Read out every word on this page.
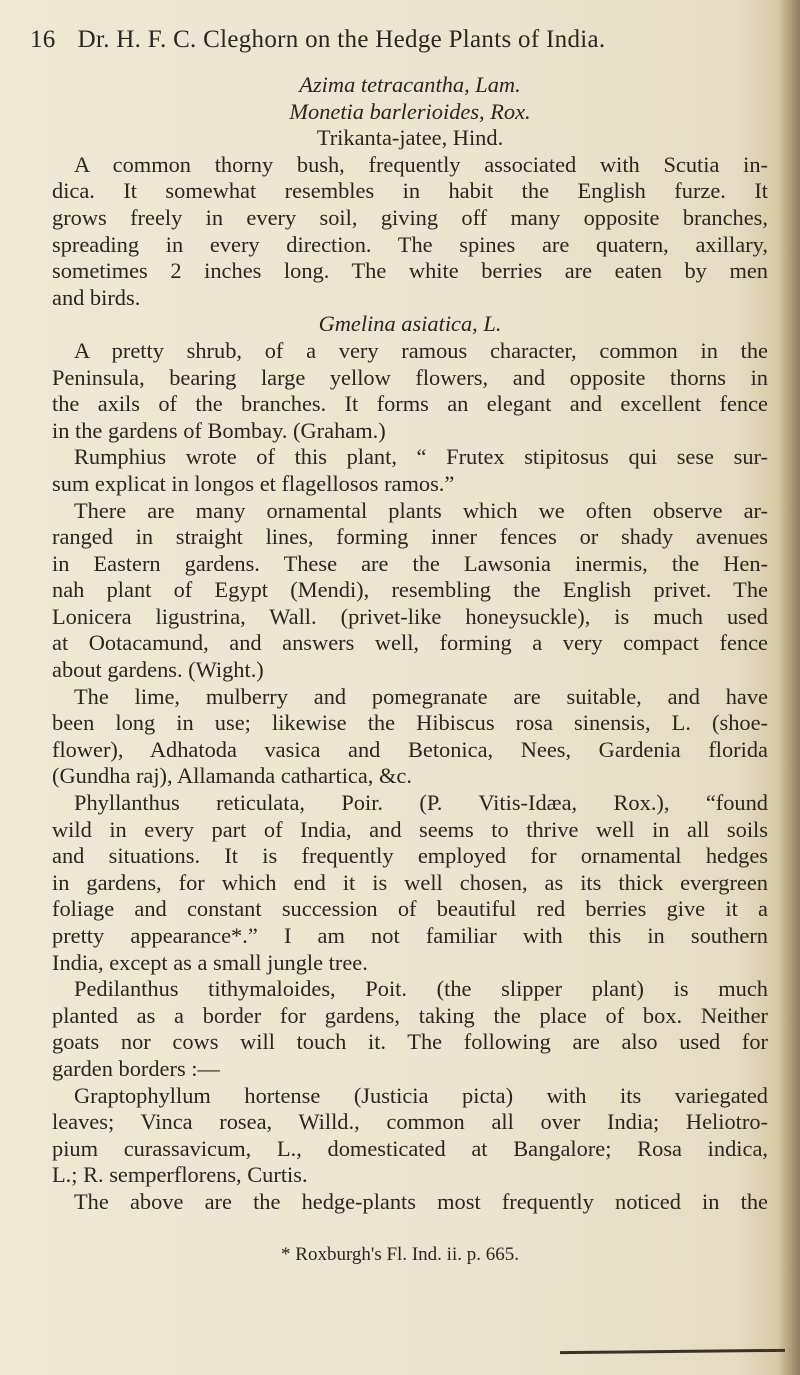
16 Dr. H. F. C. Cleghorn on the Hedge Plants of India.
Azima tetracantha, Lam.
Monetia barlerioides, Rox.
Trikanta-jatee, Hind.
A common thorny bush, frequently associated with Scutia in-
dica. It somewhat resembles in habit the English furze. It
grows freely in every soil, giving off many opposite branches,
spreading in every direction. The spines are quatern, axillary,
sometimes 2 inches long. The white berries are eaten by men
and birds.
Gmelina asiatica, L.
A pretty shrub, of a very ramous character, common in the
Peninsula, bearing large yellow flowers, and opposite thorns in
the axils of the branches. It forms an elegant and excellent fence
in the gardens of Bombay. (Graham.)
Rumphius wrote of this plant, “ Frutex stipitosus qui sese sur-
sum explicat in longos et flagellosos ramos.”
There are many ornamental plants which we often observe ar-
ranged in straight lines, forming inner fences or shady avenues
in Eastern gardens. These are the Lawsonia inermis, the Hen-
nah plant of Egypt (Mendi), resembling the English privet. The
Lonicera ligustrina, Wall. (privet-like honeysuckle), is much used
at Ootacamund, and answers well, forming a very compact fence
about gardens. (Wight.)
The lime, mulberry and pomegranate are suitable, and have
been long in use; likewise the Hibiscus rosa sinensis, L. (shoe-
flower), Adhatoda vasica and Betonica, Nees, Gardenia florida
(Gundha raj), Allamanda cathartica, &c.
Phyllanthus reticulata, Poir. (P. Vitis-Idæa, Rox.), “found
wild in every part of India, and seems to thrive well in all soils
and situations. It is frequently employed for ornamental hedges
in gardens, for which end it is well chosen, as its thick evergreen
foliage and constant succession of beautiful red berries give it a
pretty appearance*.” I am not familiar with this in southern
India, except as a small jungle tree.
Pedilanthus tithymaloides, Poit. (the slipper plant) is much
planted as a border for gardens, taking the place of box. Neither
goats nor cows will touch it. The following are also used for
garden borders :—
Graptophyllum hortense (Justicia picta) with its variegated
leaves; Vinca rosea, Willd., common all over India; Heliotro-
pium curassavicum, L., domesticated at Bangalore; Rosa indica,
L.; R. semperflorens, Curtis.
The above are the hedge-plants most frequently noticed in the
* Roxburgh's Fl. Ind. ii. p. 665.
